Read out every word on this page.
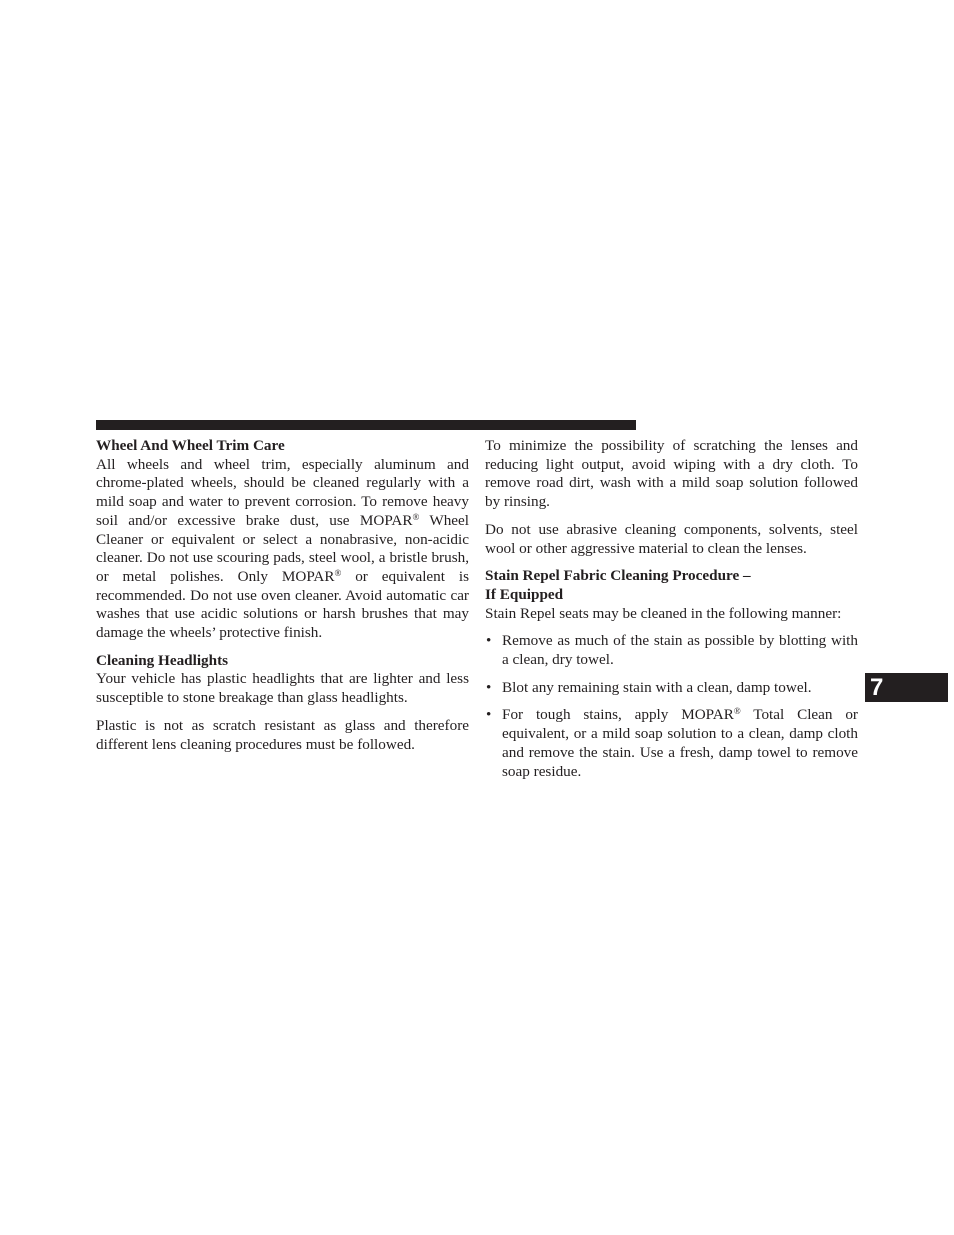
Wheel And Wheel Trim Care

All wheels and wheel trim, especially aluminum and chrome-plated wheels, should be cleaned regularly with a mild soap and water to prevent corrosion. To remove heavy soil and/or excessive brake dust, use MOPAR® Wheel Cleaner or equivalent or select a nonabrasive, non-acidic cleaner. Do not use scouring pads, steel wool, a bristle brush, or metal polishes. Only MOPAR® or equivalent is recommended. Do not use oven cleaner. Avoid automatic car washes that use acidic solutions or harsh brushes that may damage the wheels’ protective finish.

Cleaning Headlights

Your vehicle has plastic headlights that are lighter and less susceptible to stone breakage than glass headlights.

Plastic is not as scratch resistant as glass and therefore different lens cleaning procedures must be followed.

To minimize the possibility of scratching the lenses and reducing light output, avoid wiping with a dry cloth. To remove road dirt, wash with a mild soap solution followed by rinsing.

Do not use abrasive cleaning components, solvents, steel wool or other aggressive material to clean the lenses.

Stain Repel Fabric Cleaning Procedure –
If Equipped

Stain Repel seats may be cleaned in the following manner:

• Remove as much of the stain as possible by blotting with a clean, dry towel.
• Blot any remaining stain with a clean, damp towel.
• For tough stains, apply MOPAR® Total Clean or equivalent, or a mild soap solution to a clean, damp cloth and remove the stain. Use a fresh, damp towel to remove soap residue.
7
